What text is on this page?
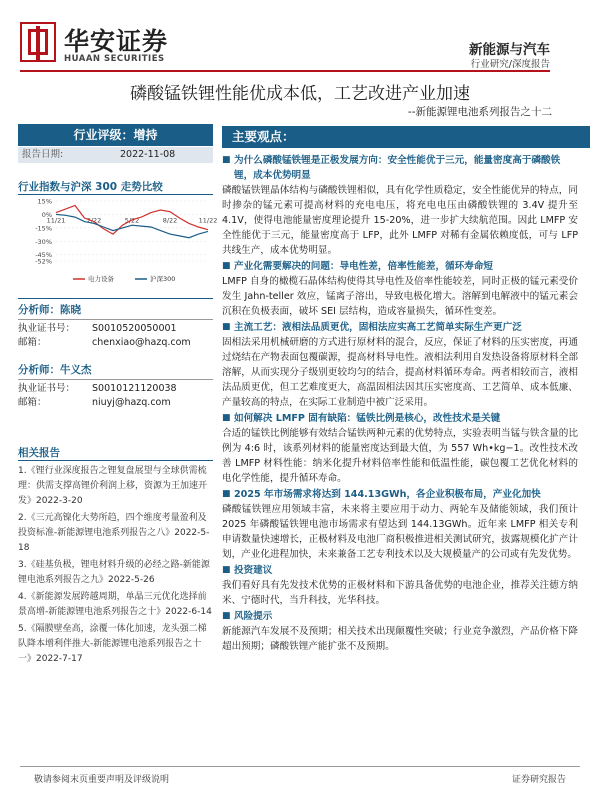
华安证券
HUAAN SECURITIES
新能源与汽车
行业研究/深度报告
磷酸锰铁锂性能优成本低，工艺改进产业加速
--新能源锂电池系列报告之十二
行业评级：增持
报告日期:	2022-11-08
行业指数与沪深 300 走势比较
15%
0%
-15%
-30%
-45%
-52%
11/21	2/22	5/22	8/22	11/22
电力设备	沪深300
分析师：陈晓
执业证书号： S0010520050001
邮箱：	chenxiao@hazq.com
分析师：牛义杰
执业证书号： S0010121120038
邮箱：	niuyj@hazq.com
相关报告
1.《锂行业深度报告之锂复盘展望与全球供需梳理：供需支撑高锂价利润上移，资源为王加速开发》2022-3-20
2.《三元高镍化大势所趋，四个维度考量盈利及投资标准-新能源锂电池系列报告之八》2022-5-18
3.《硅基负极，锂电材料升级的必经之路-新能源锂电池系列报告之九》2022-5-26
4.《新能源发展跨越周期，单晶三元优化选择前景高增-新能源锂电池系列报告之十》2022-6-14
5.《隔膜壁垒高，涂覆一体化加速，龙头强二梯队降本增利伴推大-新能源锂电池系列报告之十一》2022-7-17
主要观点：
■ 为什么磷酸锰铁锂是正极发展方向：安全性能优于三元，能量密度高于磷酸铁锂，成本优势明显
磷酸锰铁锂晶体结构与磷酸铁锂相似，具有化学性质稳定，安全性能优异的特点，同时掺杂的锰元素可提高材料的充电电压，将充电电压由磷酸铁锂的 3.4V 提升至 4.1V，使得电池能量密度理论提升 15-20%，进一步扩大续航范围。因此 LMFP 安全性能优于三元，能量密度高于 LFP，此外 LMFP 对稀有金属依赖度低，可与 LFP 共线生产，成本优势明显。
■ 产业化需要解决的问题：导电性差，倍率性能差，循环寿命短
LMFP 自身的橄榄石晶体结构使得其导电性及倍率性能较差，同时正极的锰元素受价发生 Jahn-teller 效应，锰离子溶出，导致电极化增大。溶解到电解液中的锰元素会沉积在负极表面，破坏 SEI 层结构，造成容量损失，循环性变差。
■ 主流工艺：液相法品质更优，固相法应实高工艺简单实际生产更广泛
固相法采用机械研磨的方式进行原材料的混合，反应，保证了材料的压实密度，再通过烧结在产物表面包覆碳源，提高材料导电性。液相法利用自发热设备将原材料全部溶解，从而实现分子级别更较均匀的结合，提高材料循环寿命。两者相较而言，液相法品质更优，但工艺难度更大，高温固相法因其压实密度高、工艺简单、成本低廉、产量较高的特点，在实际工业制造中被广泛采用。
■ 如何解决 LMFP 固有缺陷：锰铁比例是核心，改性技术是关键
合适的锰铁比例能够有效结合锰铁两种元素的优势特点，实验表明当锰与铁含量的比例为 4:6 时，该系列材料的能量密度达到最大值，为 557 Wh•kg−1。改性技术改善 LMFP 材料性能：纳米化提升材料倍率性能和低温性能，碳包覆工艺优化材料的电化学性能，提升循环寿命。
■ 2025 年市场需求将达到 144.13GWh，各企业积极布局，产业化加快
磷酸锰铁锂应用领域丰富，未来将主要应用于动力、两轮车及储能领域，我们预计 2025 年磷酸锰铁锂电池市场需求有望达到 144.13GWh。近年来 LMFP 相关专利申请数量快速增长，正极材料及电池厂商积极推进相关测试研究，拔露规模化扩产计划，产业化进程加快，未来兼备工艺专利技术以及大规模量产的公司或有先发优势。
■ 投资建议
我们看好具有先发技术优势的正极材料和下游具备优势的电池企业，推荐关注德方纳米、宁德时代，当升科技，光华科技。
■ 风险提示
新能源汽车发展不及预期；相关技术出现颠覆性突破；行业竞争激烈，产品价格下降超出预期；磷酸铁锂产能扩张不及预期。
敬请参阅末页重要声明及评级说明	证券研究报告
